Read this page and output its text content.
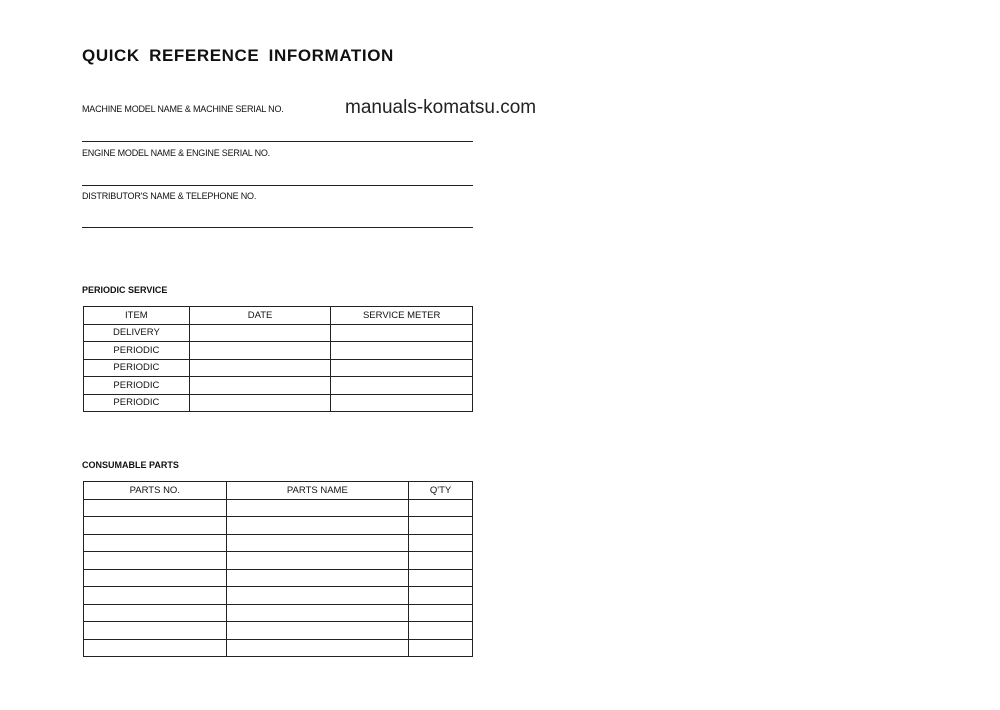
QUICK REFERENCE INFORMATION
MACHINE MODEL NAME & MACHINE SERIAL NO.	manuals-komatsu.com
ENGINE MODEL NAME & ENGINE SERIAL NO.
DISTRIBUTOR'S NAME & TELEPHONE NO.
PERIODIC SERVICE
ITEM	DATE	SERVICE METER
DELIVERY		
PERIODIC		
PERIODIC		
PERIODIC		
PERIODIC		
CONSUMABLE PARTS
PARTS NO.	PARTS NAME	Q'TY
